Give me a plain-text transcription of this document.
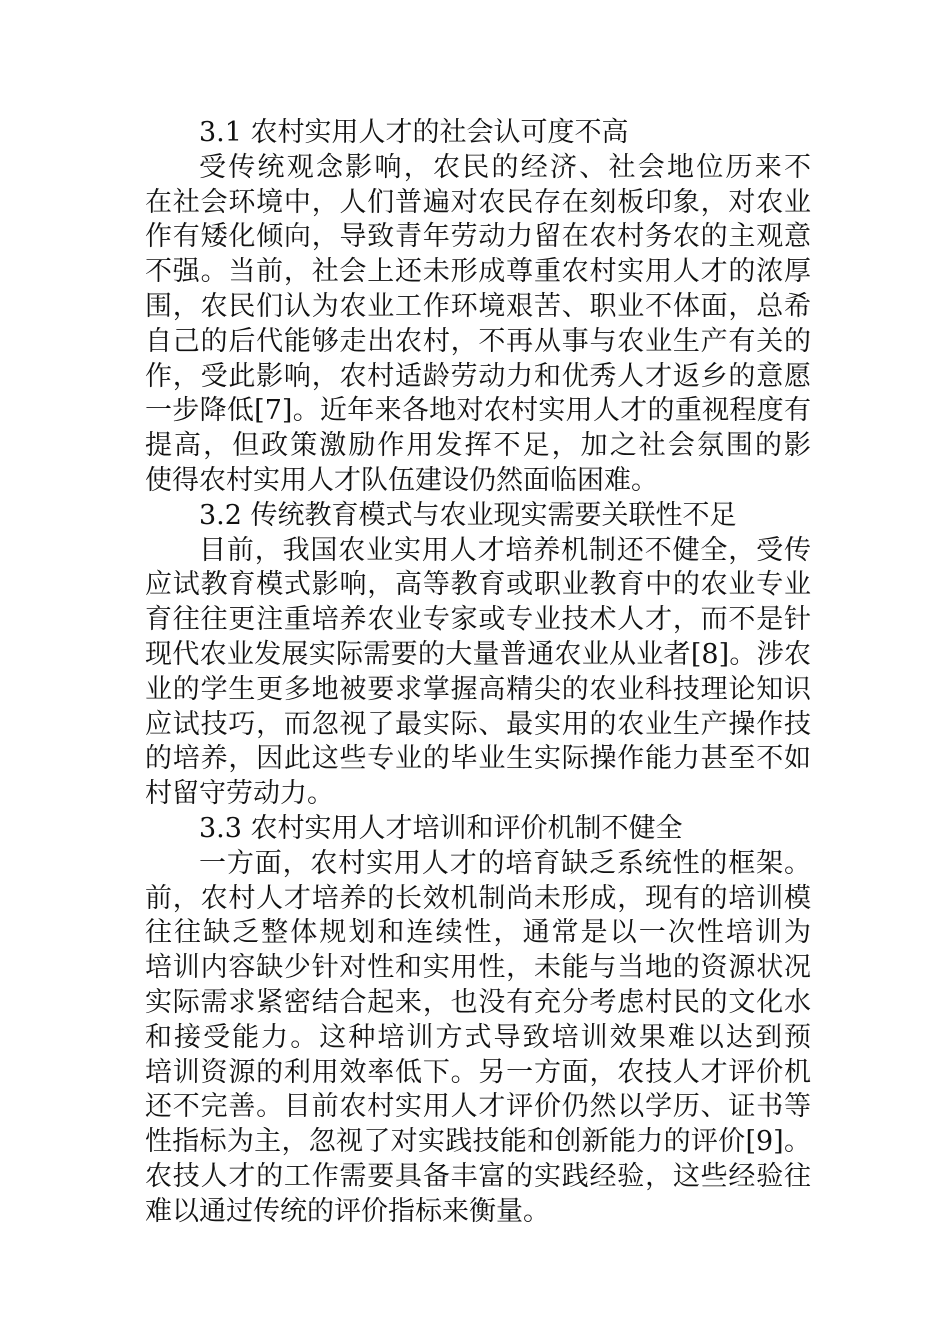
3.1 农村实用人才的社会认可度不高
受传统观念影响，农民的经济、社会地位历来不
在社会环境中，人们普遍对农民存在刻板印象，对农业
作有矮化倾向，导致青年劳动力留在农村务农的主观意
不强。当前，社会上还未形成尊重农村实用人才的浓厚
围，农民们认为农业工作环境艰苦、职业不体面，总希
自己的后代能够走出农村，不再从事与农业生产有关的
作，受此影响，农村适龄劳动力和优秀人才返乡的意愿
一步降低[7]。近年来各地对农村实用人才的重视程度有
提高，但政策激励作用发挥不足，加之社会氛围的影
使得农村实用人才队伍建设仍然面临困难。
3.2 传统教育模式与农业现实需要关联性不足
目前，我国农业实用人才培养机制还不健全，受传
应试教育模式影响，高等教育或职业教育中的农业专业
育往往更注重培养农业专家或专业技术人才，而不是针
现代农业发展实际需要的大量普通农业从业者[8]。涉农
业的学生更多地被要求掌握高精尖的农业科技理论知识
应试技巧，而忽视了最实际、最实用的农业生产操作技
的培养，因此这些专业的毕业生实际操作能力甚至不如
村留守劳动力。
3.3 农村实用人才培训和评价机制不健全
一方面，农村实用人才的培育缺乏系统性的框架。
前，农村人才培养的长效机制尚未形成，现有的培训模
往往缺乏整体规划和连续性，通常是以一次性培训为
培训内容缺少针对性和实用性，未能与当地的资源状况
实际需求紧密结合起来，也没有充分考虑村民的文化水
和接受能力。这种培训方式导致培训效果难以达到预
培训资源的利用效率低下。另一方面，农技人才评价机
还不完善。目前农村实用人才评价仍然以学历、证书等
性指标为主，忽视了对实践技能和创新能力的评价[9]。
农技人才的工作需要具备丰富的实践经验，这些经验往
难以通过传统的评价指标来衡量。
